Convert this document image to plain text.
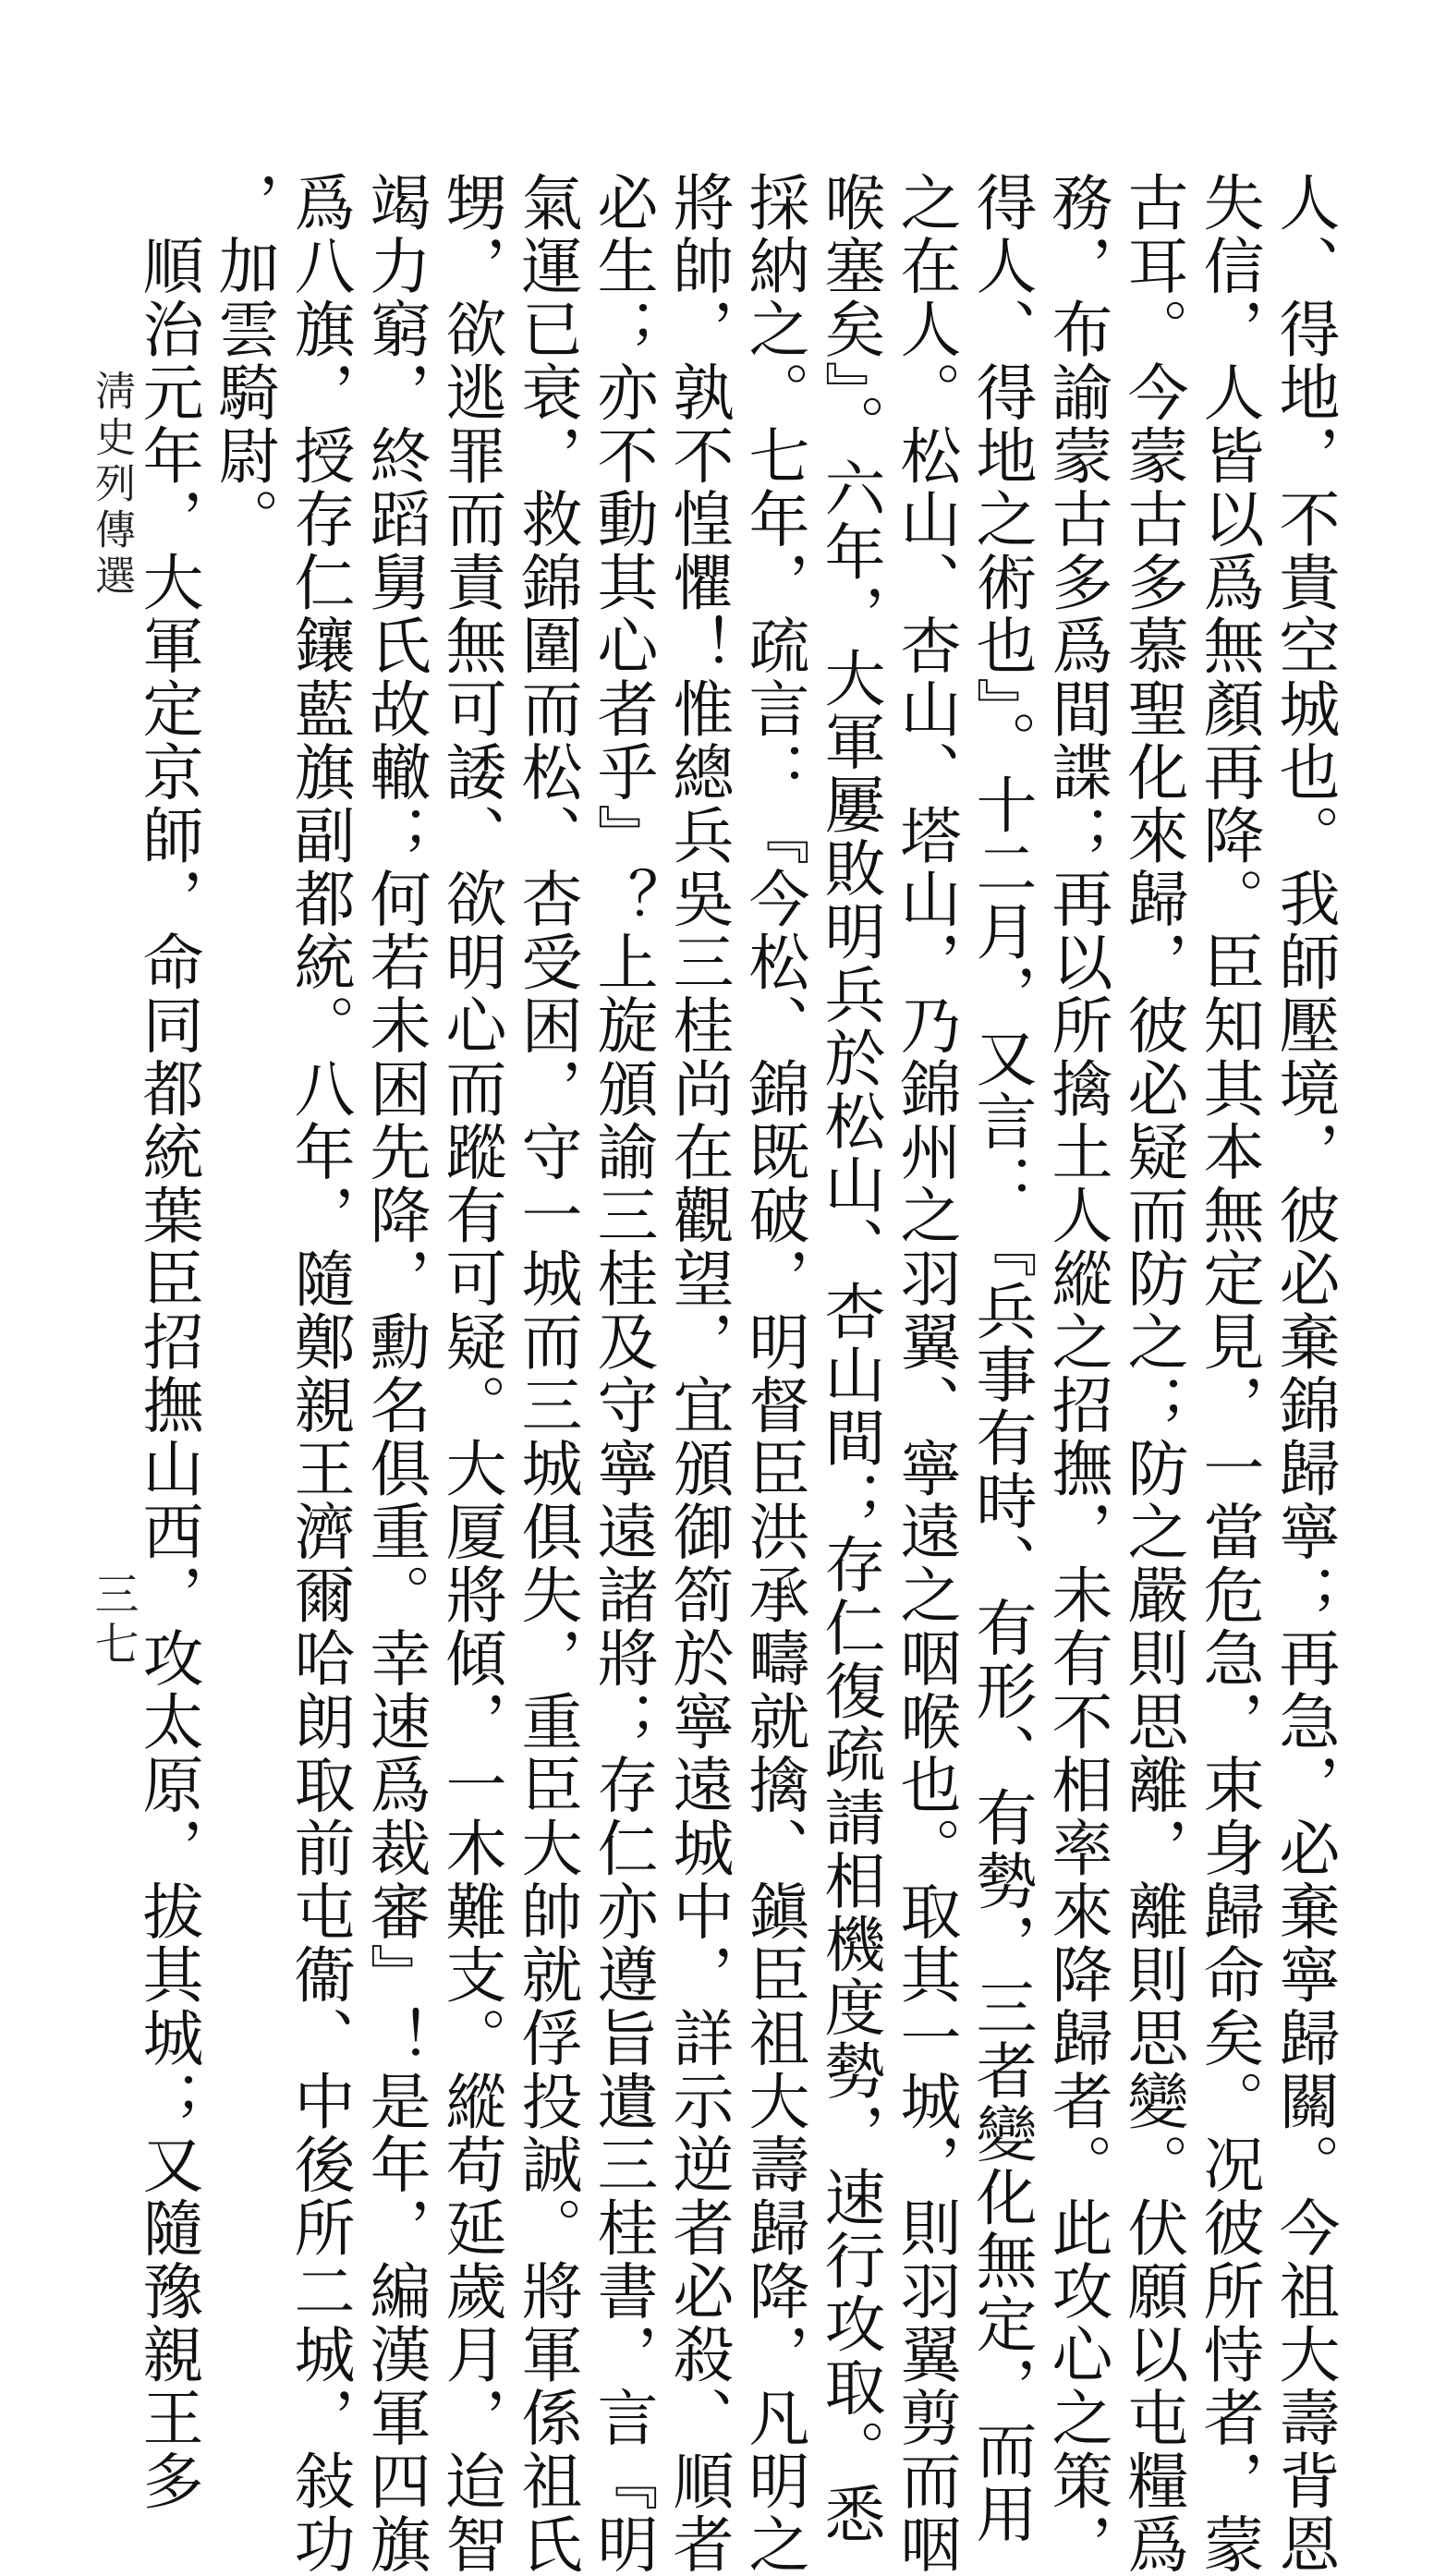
人、得地，不貴空城也。我師壓境，彼必棄錦歸寧；再急，必棄寧歸關。今祖大壽背恩
失信，人皆以爲無顏再降。臣知其本無定見，一當危急，束身歸命矣。况彼所恃者，蒙
古耳。今蒙古多慕聖化來歸，彼必疑而防之；防之嚴則思離，離則思變。伏願以屯糧爲
務，布諭蒙古多爲間諜；再以所擒土人縱之招撫，未有不相率來降歸者。此攻心之策，
得人、得地之術也』。十二月，又言：『兵事有時、有形、有勢，三者變化無定，而用
之在人。松山、杏山、塔山，乃錦州之羽翼、寧遠之咽喉也。取其一城，則羽翼剪而咽
喉塞矣』。六年，大軍屢敗明兵於松山、杏山間；存仁復疏請相機度勢，速行攻取。悉
採納之。七年，疏言：『今松、錦既破，明督臣洪承疇就擒、鎭臣祖大壽歸降，凡明之
將帥，孰不惶懼！惟總兵吳三桂尚在觀望，宜頒御箚於寧遠城中，詳示逆者必殺、順者
必生；亦不動其心者乎』？上旋頒諭三桂及守寧遠諸將；存仁亦遵旨遺三桂書，言『明
氣運已衰，救錦圍而松、杏受困，守一城而三城俱失，重臣大帥就俘投誠。將軍係祖氏
甥，欲逃罪而責無可諉、欲明心而蹤有可疑。大厦將傾，一木難支。縱苟延歲月，迨智
竭力窮，終蹈舅氏故轍；何若未困先降，勳名俱重。幸速爲裁審』！是年，編漢軍四旗
爲八旗，授存仁鑲藍旗副都統。八年，隨鄭親王濟爾哈朗取前屯衞、中後所二城，敍功
，加雲騎尉。
　順治元年，大軍定京師，命同都統葉臣招撫山西，攻太原，拔其城；又隨豫親王多
淸史列傳選
三七
